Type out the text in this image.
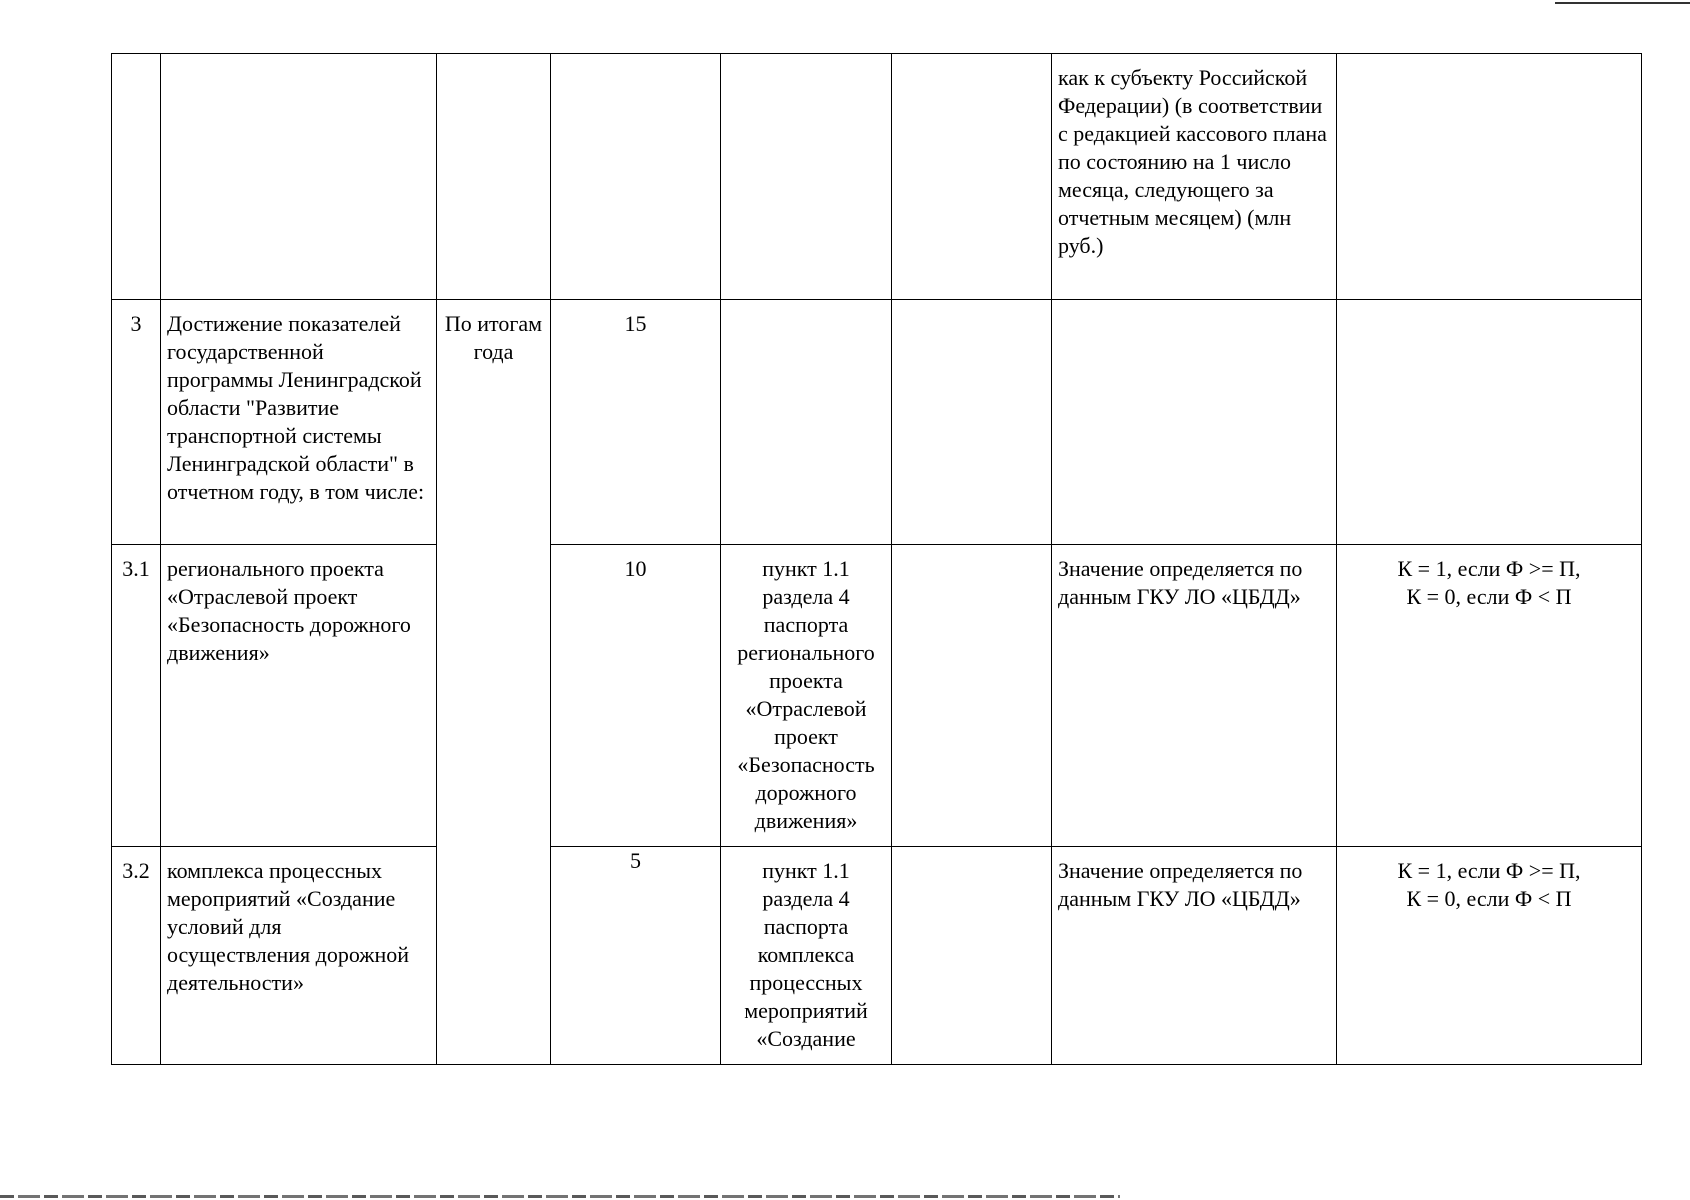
						как к субъекту Российской Федерации) (в соответствии с редакцией кассового плана по состоянию на 1 число месяца, следующего за отчетным месяцем) (млн руб.)	
3	Достижение показателей государственной программы Ленинградской области "Развитие транспортной системы Ленинградской области" в отчетном году, в том числе:	По итогам года	15				
3.1	регионального проекта «Отраслевой проект «Безопасность дорожного движения»		10	пункт 1.1 раздела 4 паспорта регионального проекта «Отраслевой проект «Безопасность дорожного движения»		Значение определяется по данным ГКУ ЛО «ЦБДД»	К = 1, если Ф >= П,
К = 0, если Ф < П

3.2	комплекса процессных мероприятий «Создание условий для осуществления дорожной деятельности»		5	пункт 1.1 раздела 4 паспорта комплекса процессных мероприятий «Создание		Значение определяется по данным ГКУ ЛО «ЦБДД»	К = 1, если Ф >= П,
К = 0, если Ф < П
